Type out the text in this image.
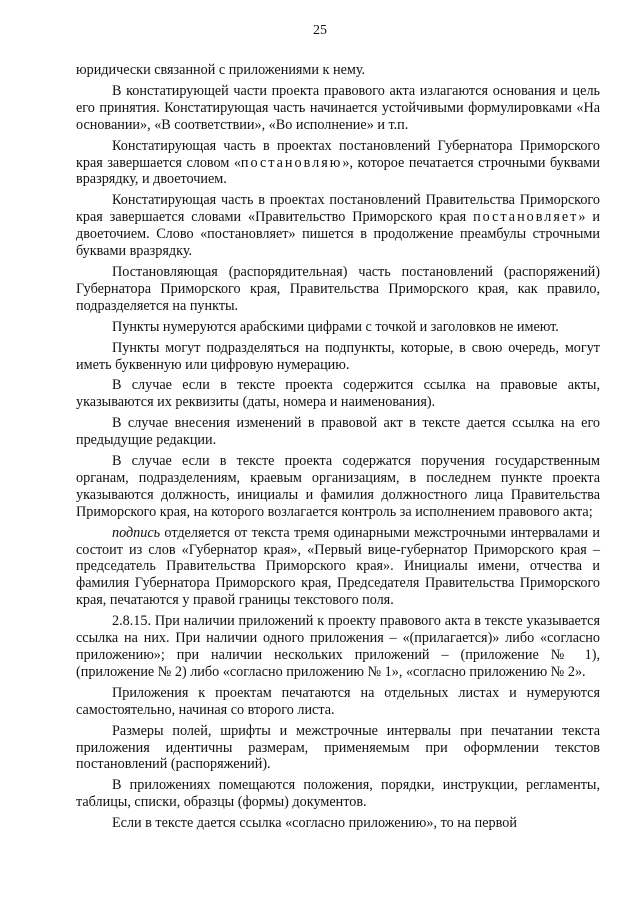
25

юридически связанной с приложениями к нему.

В констатирующей части проекта правового акта излагаются основания и цель его принятия. Констатирующая часть начинается устойчивыми формулировками «На основании», «В соответствии», «Во исполнение» и т.п.

Констатирующая часть в проектах постановлений Губернатора Приморского края завершается словом «постановляю», которое печатается строчными буквами вразрядку, и двоеточием.

Констатирующая часть в проектах постановлений Правительства Приморского края завершается словами «Правительство Приморского края постановляет» и двоеточием. Слово «постановляет» пишется в продолжение преамбулы строчными буквами вразрядку.

Постановляющая (распорядительная) часть постановлений (распоряжений) Губернатора Приморского края, Правительства Приморского края, как правило, подразделяется на пункты.

Пункты нумеруются арабскими цифрами с точкой и заголовков не имеют.

Пункты могут подразделяться на подпункты, которые, в свою очередь, могут иметь буквенную или цифровую нумерацию.

В случае если в тексте проекта содержится ссылка на правовые акты, указываются их реквизиты (даты, номера и наименования).

В случае внесения изменений в правовой акт в тексте дается ссылка на его предыдущие редакции.

В случае если в тексте проекта содержатся поручения государственным органам, подразделениям, краевым организациям, в последнем пункте проекта указываются должность, инициалы и фамилия должностного лица Правительства Приморского края, на которого возлагается контроль за исполнением правового акта;

подпись отделяется от текста тремя одинарными межстрочными интервалами и состоит из слов «Губернатор края», «Первый вице-губернатор Приморского края – председатель Правительства Приморского края». Инициалы имени, отчества и фамилия Губернатора Приморского края, Председателя Правительства Приморского края, печатаются у правой границы текстового поля.

2.8.15. При наличии приложений к проекту правового акта в тексте указывается ссылка на них. При наличии одного приложения – «(прилагается)» либо «согласно приложению»; при наличии нескольких приложений – (приложение № 1), (приложение № 2) либо «согласно приложению № 1», «согласно приложению № 2».

Приложения к проектам печатаются на отдельных листах и нумеруются самостоятельно, начиная со второго листа.

Размеры полей, шрифты и межстрочные интервалы при печатании текста приложения идентичны размерам, применяемым при оформлении текстов постановлений (распоряжений).

В приложениях помещаются положения, порядки, инструкции, регламенты, таблицы, списки, образцы (формы) документов.

Если в тексте дается ссылка «согласно приложению», то на первой
